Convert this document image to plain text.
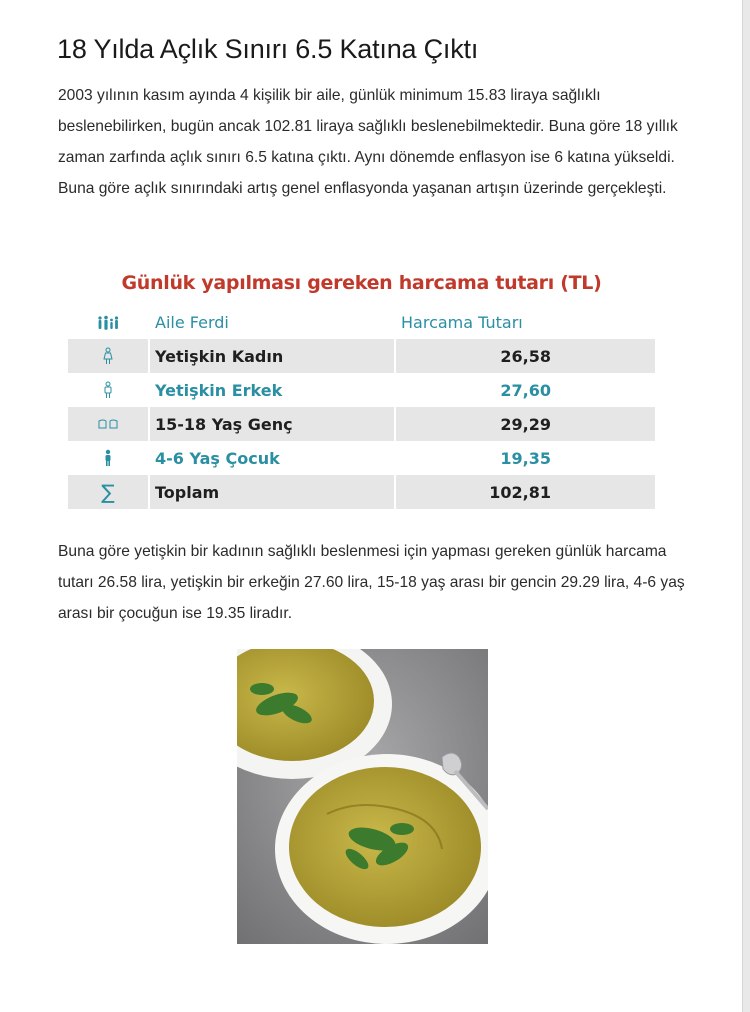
18 Yılda Açlık Sınırı 6.5 Katına Çıktı

2003 yılının kasım ayında 4 kişilik bir aile, günlük minimum 15.83 liraya sağlıklı beslenebilirken, bugün ancak 102.81 liraya sağlıklı beslenebilmektedir. Buna göre 18 yıllık zaman zarfında açlık sınırı 6.5 katına çıktı. Aynı dönemde enflasyon ise 6 katına yükseldi. Buna göre açlık sınırındaki artış genel enflasyonda yaşanan artışın üzerinde gerçekleşti.

Günlük yapılması gereken harcama tutarı (TL)
Aile Ferdi	Harcama Tutarı
Yetişkin Kadın	26,58
Yetişkin Erkek	27,60
15-18 Yaş Genç	29,29
4-6 Yaş Çocuk	19,35
∑	Toplam	102,81

Buna göre yetişkin bir kadının sağlıklı beslenmesi için yapması gereken günlük harcama tutarı 26.58 lira, yetişkin bir erkeğin 27.60 lira, 15-18 yaş arası bir gencin 29.29 lira, 4-6 yaş arası bir çocuğun ise 19.35 liradır.
